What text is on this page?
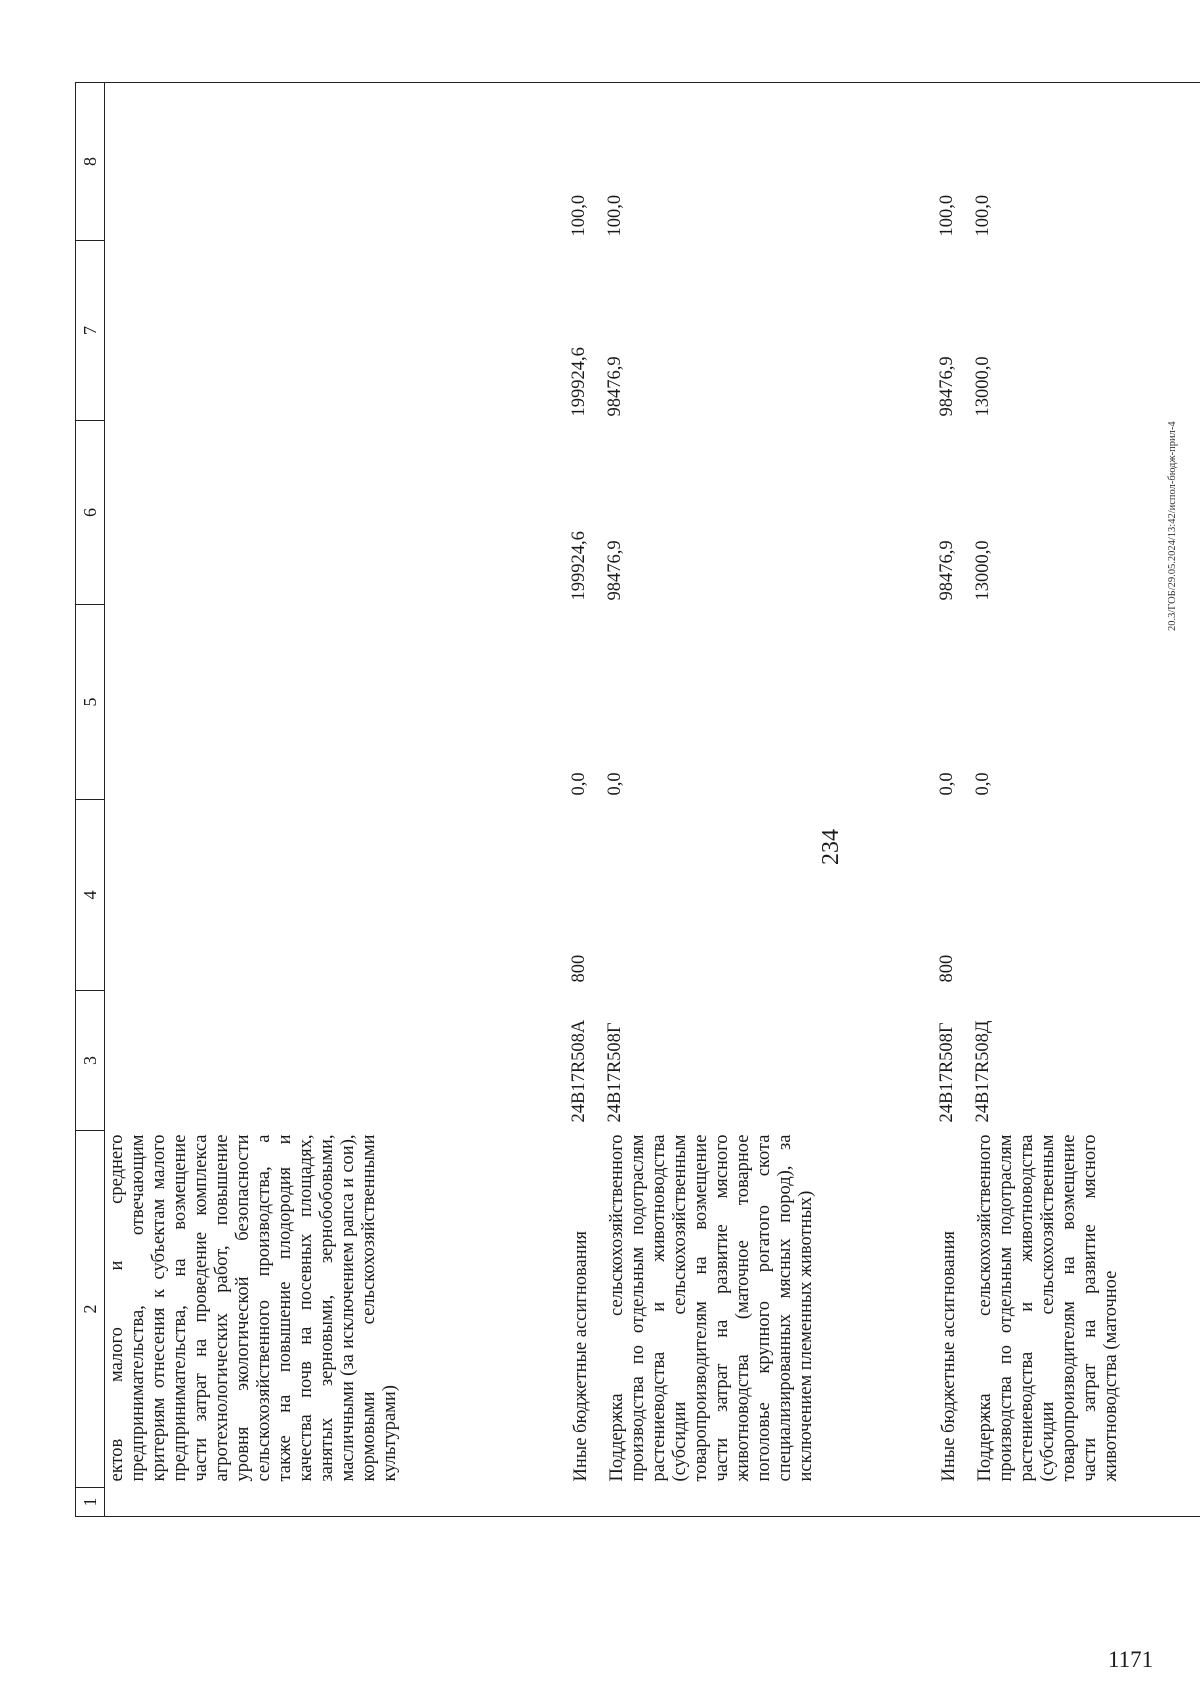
234
1	2	3	4	5	6	7	8
	ектов малого и среднего предпринимательства, отвечающим критериям отнесения к субъектам малого предпринимательства, на возмещение части затрат на проведение комплекса агротехнологических работ, повышение уровня экологической безопасности сельскохозяйственного производства, а также на повышение плодородия и качества почв на посевных площадях, занятых зерновыми, зернобобовыми, масличными (за исключением рапса и сои), кормовыми сельскохозяйственными культурами)						
	Иные бюджетные ассигнования	24В17R508А	800	0,0	199924,6	199924,6	100,0
	Поддержка сельскохозяйственного производства по отдельным подотраслям растениеводства и животноводства (субсидии сельскохозяйственным товаропроизводителям на возмещение части затрат на развитие мясного животноводства (маточное товарное поголовье крупного рогатого скота специализированных мясных пород), за исключением племенных животных)	24В17R508Г		0,0	98476,9	98476,9	100,0
	Иные бюджетные ассигнования	24В17R508Г	800	0,0	98476,9	98476,9	100,0
	Поддержка сельскохозяйственного производства по отдельным подотраслям растениеводства и животноводства (субсидии сельскохозяйственным товаропроизводителям на возмещение части затрат на развитие мясного животноводства (маточное	24В17R508Д		0,0	13000,0	13000,0	100,0
20.3/ГОБ/29.05.2024/13:42/испол-бюдж-прил-4
1171
